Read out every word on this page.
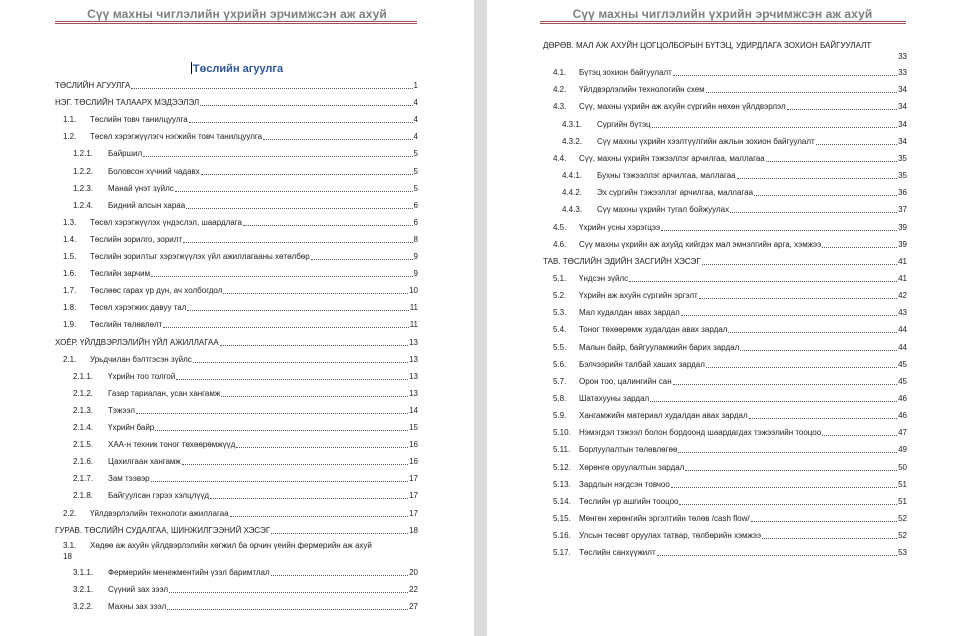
Сүү махны чиглэлийн үхрийн эрчимжсэн аж ахуй
Төслийн агуулга
ТӨСЛИЙН АГУУЛГА	1
НЭГ. ТӨСЛИЙН ТАЛААРХ МЭДЭЭЛЭЛ	4
1.1.	Төслийн товч танилцуулга	4
1.2.	Төсөл хэрэгжүүлэгч нэгжийн товч танилцуулга	4
1.2.1.	Байршил	5
1.2.2.	Боловсон хүчний чадавх	5
1.2.3.	Манай үнэт зүйлс	5
1.2.4.	Бидний алсын хараа	6
1.3.	Төсөл хэрэгжүүлэх үндэслэл, шаардлага	6
1.4.	Төслийн зорилго, зорилт	8
1.5.	Төслийн зорилтыг хэрэгжүүлэх үйл ажиллагааны хөтөлбөр	9
1.6.	Төслийн зарчим	9
1.7.	Төслөөс гарах үр дүн, ач холбогдол	10
1.8.	Төсөл хэрэгжих давуу тал	11
1.9.	Төслийн төлөвлөлт	11
ХОЁР. ҮЙЛДВЭРЛЭЛИЙН ҮЙЛ АЖИЛЛАГАА	13
2.1.	Урьдчилан бэлтгэсэн зүйлс	13
2.1.1.	Үхрийн тоо толгой	13
2.1.2.	Газар тариалан, усан хангамж	13
2.1.3.	Тэжээл	14
2.1.4.	Үхрийн байр	15
2.1.5.	ХАА-н техник тоног төхөөрөмжүүд	16
2.1.6.	Цахилгаан хангамж	16
2.1.7.	Зам тээвэр	17
2.1.8.	Байгуулсан гэрээ хэлцлүүд	17
2.2.	Үйлдвэрлэлийн технологи ажиллагаа	17
ГУРАВ. ТӨСЛИЙН СУДАЛГАА, ШИНЖИЛГЭЭНИЙ ХЭСЭГ	18
3.1.	Хөдөө аж ахуйн үйлдвэрлэлийн хөгжил ба орчин үеийн фермерийн аж ахуй
18
3.1.1.	Фермерийн менежментийн үзэл баримтлал	20
3.2.1.	Сүүний зах зээл	22
3.2.2.	Махны зах зээл	27
Сүү махны чиглэлийн үхрийн эрчимжсэн аж ахуй
ДӨРӨВ. МАЛ АЖ АХУЙН ЦОГЦОЛБОРЫН БҮТЭЦ, УДИРДЛАГА ЗОХИОН БАЙГУУЛАЛТ
33
4.1.	Бүтэц зохион байгуулалт	33
4.2.	Үйлдвэрлэлийн технологийн схем	34
4.3.	Сүү, махны үхрийн аж ахуйн сүргийн нөхөн үйлдвэрлэл	34
4.3.1.	Сүргийн бүтэц	34
4.3.2.	Сүү махны үхрийн хээлтүүлгийн ажлын зохион байгуулалт	34
4.4.	Сүү, махны үхрийн тэжээллэг арчилгаа, маллагаа	35
4.4.1.	Бухны тэжээллэг арчилгаа, маллагаа	35
4.4.2.	Эх сүргийн тэжээллэг арчилгаа, маллагаа	36
4.4.3.	Сүү махны үхрийн тугал бойжуулах	37
4.5.	Үхрийн усны хэрэгцээ	39
4.6.	Сүү махны үхрийн аж ахуйд хийгдэх мал эмнэлгийн арга, хэмжээ	39
ТАВ. ТӨСЛИЙН ЭДИЙН ЗАСГИЙН ХЭСЭГ	41
5.1.	Үндсэн зүйлс	41
5.2.	Үхрийн аж ахуйн сүргийн эргэлт	42
5.3.	Мал худалдан авах зардал	43
5.4.	Тоног төхөөрөмж худалдан авах зардал	44
5.5.	Малын байр, байгууламжийн барих зардал	44
5.6.	Бэлчээрийн талбай хаших зардал	45
5.7.	Орон тоо, цалингийн сан	45
5.8.	Шатахууны зардал	46
5.9.	Хангамжийн материал худалдан авах зардал	46
5.10.	Нэмэгдэл тэжээл болон бордоонд шаардагдах тэжээлийн тооцоо	47
5.11.	Борлуулалтын төлөвлөгөө	49
5.12.	Хөрөнгө оруулалтын зардал	50
5.13.	Зардлын нэгдсэн товчоо	51
5.14.	Төслийн үр ашгийн тооцоо	51
5.15.	Мөнгөн хөрөнгийн эргэлтийн төлөв /cash flow/	52
5.16.	Улсын төсөвт оруулах татвар, төлбөрийн хэмжээ	52
5.17.	Төслийн санхүүжилт	53
